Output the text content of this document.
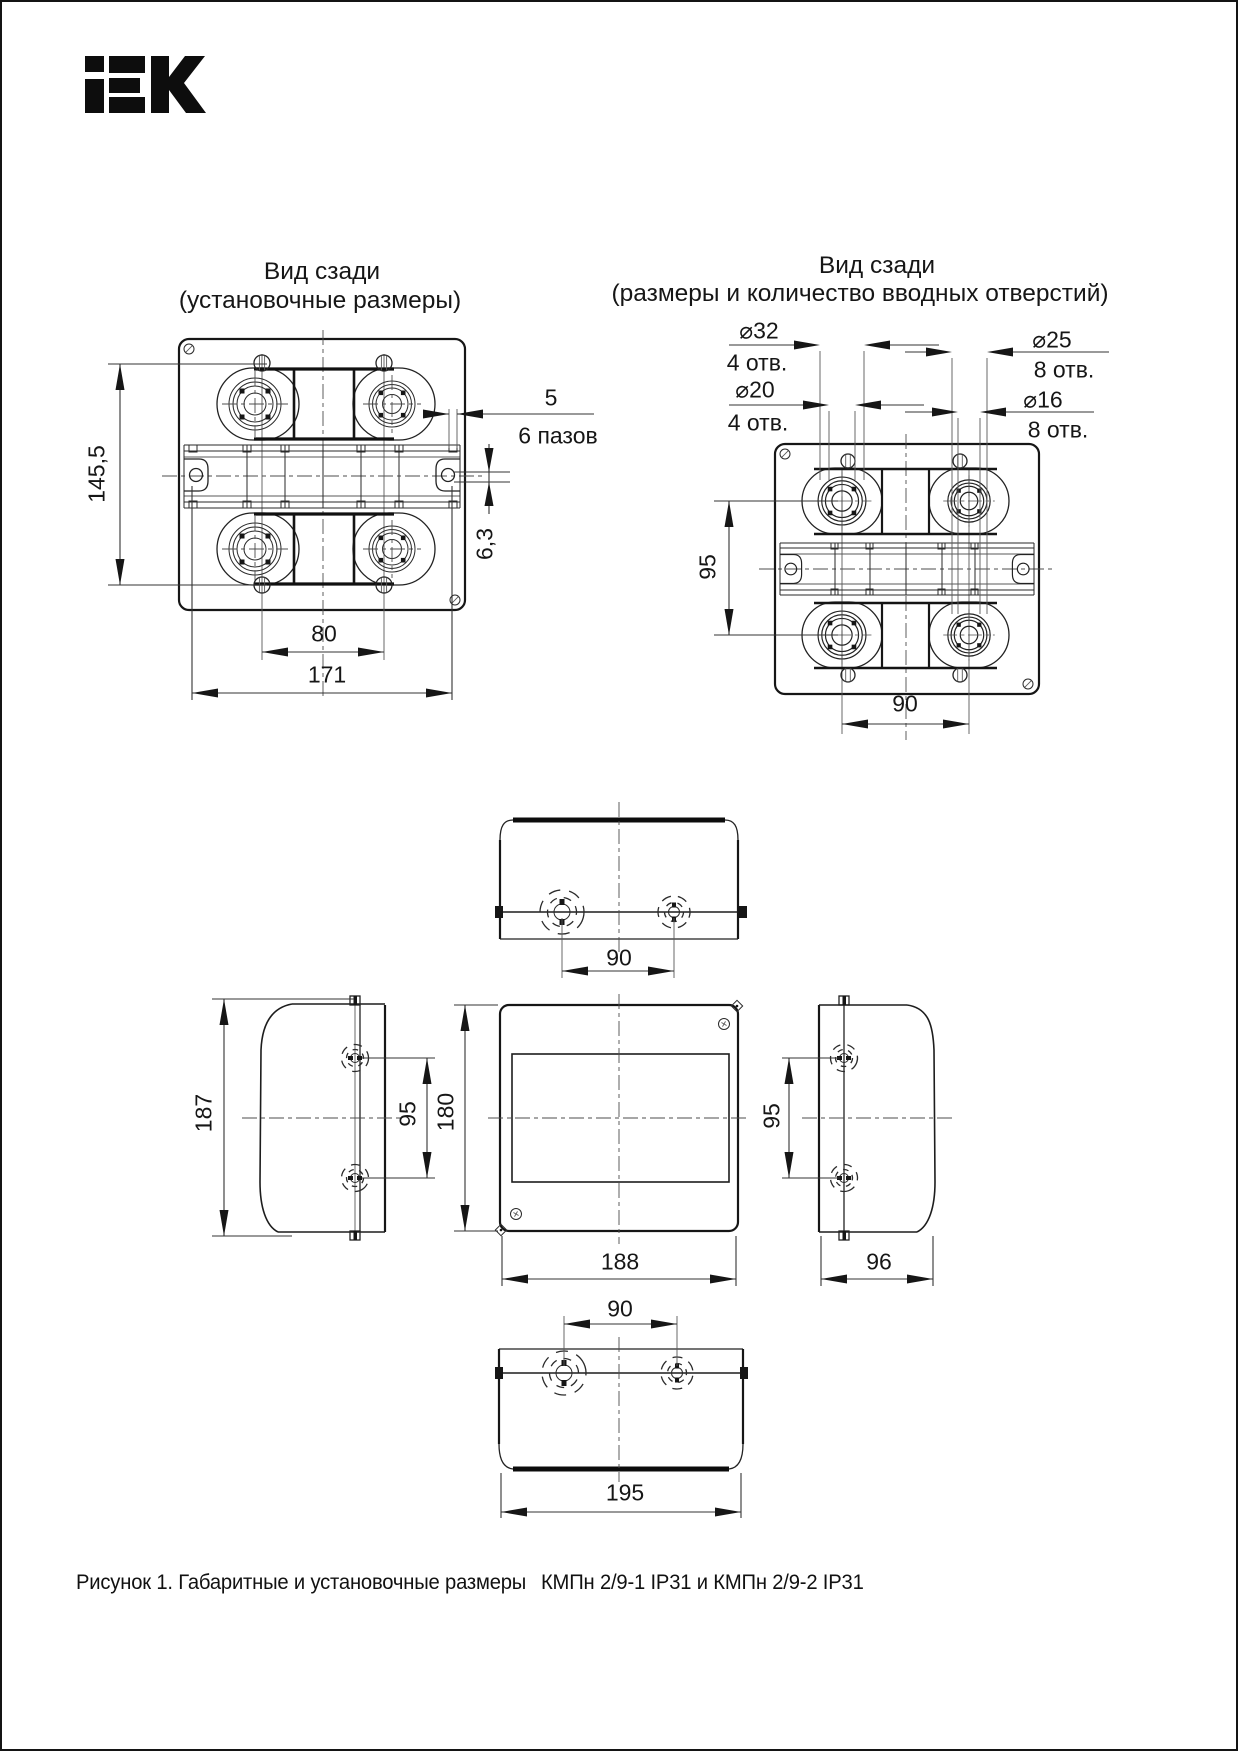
Вид сзади
(установочные размеры)
Вид сзади
(размеры и количество вводных отверстий)
145,5
5
6 пазов
6,3
80
171
⌀32
4 отв.
⌀20
4 отв.
⌀25
8 отв.
⌀16
8 отв.
95
90
90
187	95 180
188
95
96
90
195
Рисунок 1. Габаритные и установочные размеры КМПн 2/9-1 IP31 и КМПн 2/9-2 IP31
